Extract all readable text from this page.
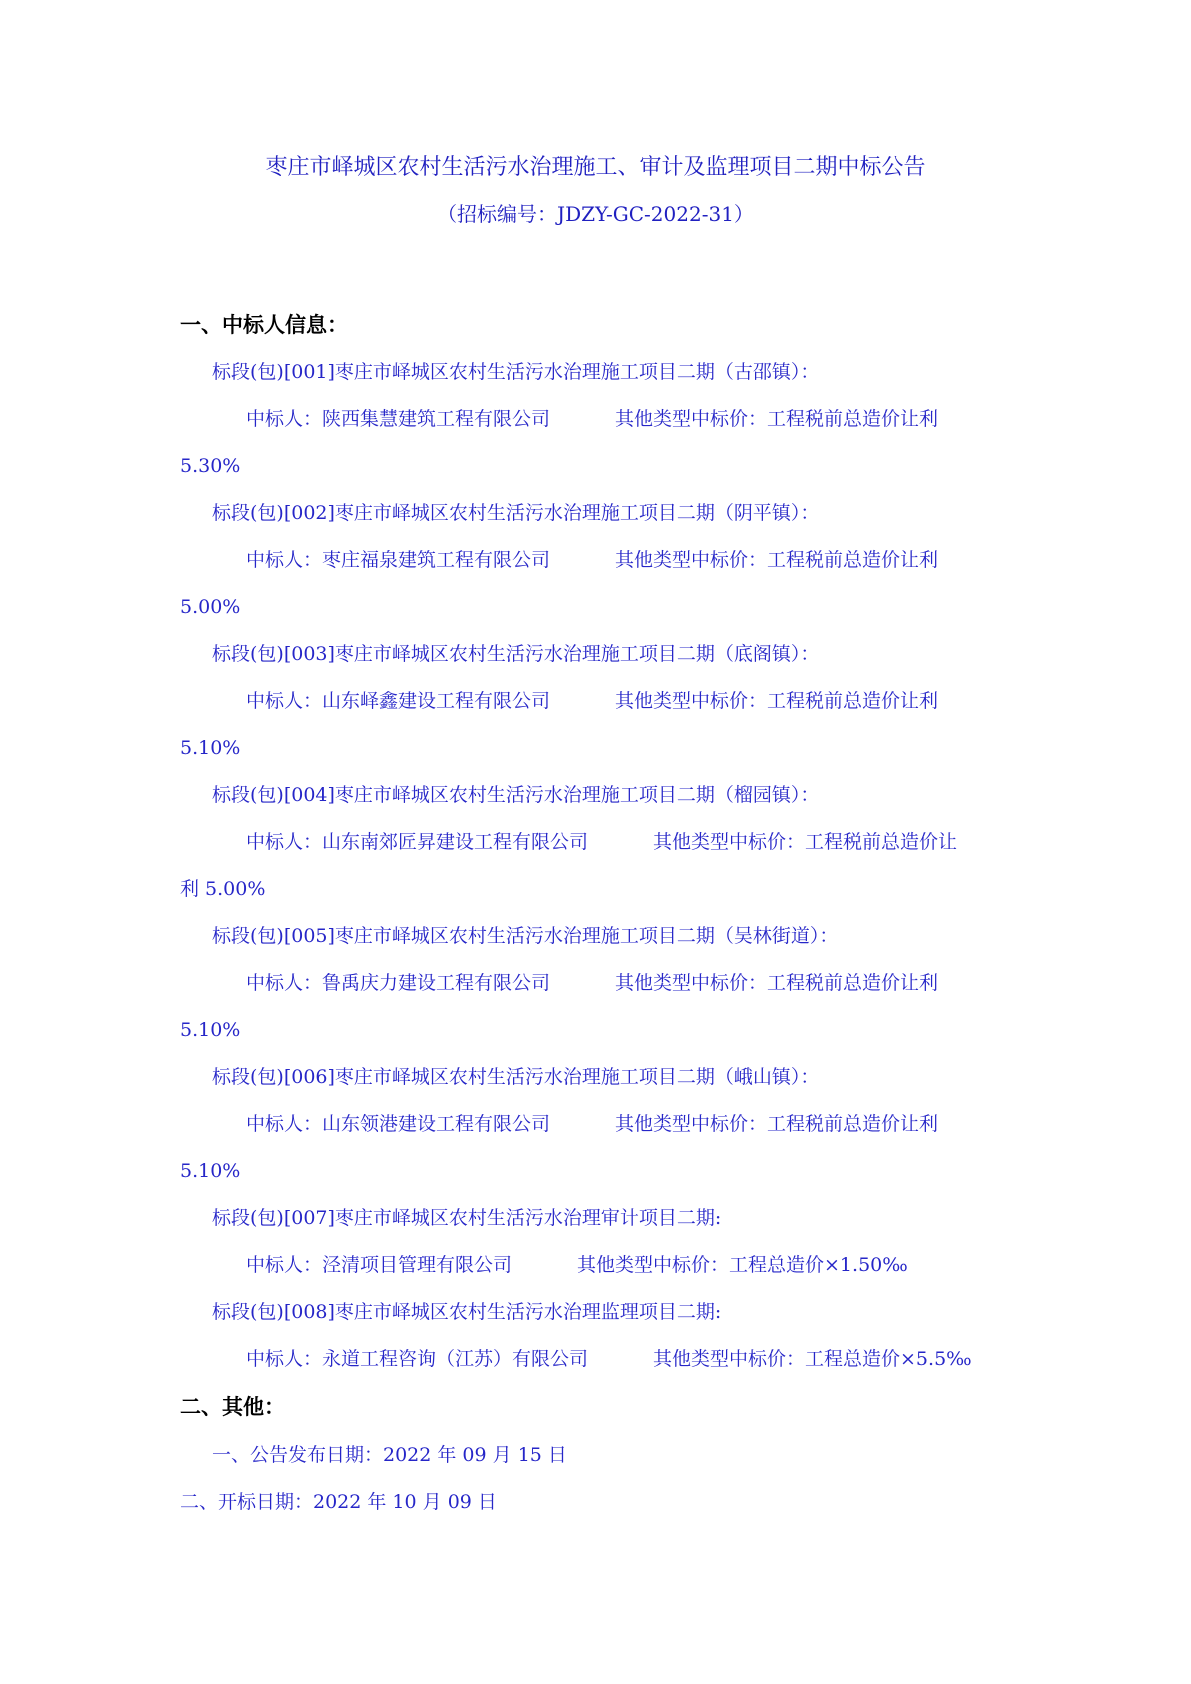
枣庄市峄城区农村生活污水治理施工、审计及监理项目二期中标公告
（招标编号：JDZY-GC-2022-31）
一、中标人信息：
标段(包)[001]枣庄市峄城区农村生活污水治理施工项目二期（古邵镇）：
中标人：陕西集慧建筑工程有限公司	其他类型中标价：工程税前总造价让利
5.30%
标段(包)[002]枣庄市峄城区农村生活污水治理施工项目二期（阴平镇）：
中标人：枣庄福泉建筑工程有限公司	其他类型中标价：工程税前总造价让利
5.00%
标段(包)[003]枣庄市峄城区农村生活污水治理施工项目二期（底阁镇）：
中标人：山东峄鑫建设工程有限公司	其他类型中标价：工程税前总造价让利
5.10%
标段(包)[004]枣庄市峄城区农村生活污水治理施工项目二期（榴园镇）：
中标人：山东南郊匠昇建设工程有限公司	其他类型中标价：工程税前总造价让
利 5.00%
标段(包)[005]枣庄市峄城区农村生活污水治理施工项目二期（吴林街道）：
中标人：鲁禹庆力建设工程有限公司	其他类型中标价：工程税前总造价让利
5.10%
标段(包)[006]枣庄市峄城区农村生活污水治理施工项目二期（峨山镇）：
中标人：山东领港建设工程有限公司	其他类型中标价：工程税前总造价让利
5.10%
标段(包)[007]枣庄市峄城区农村生活污水治理审计项目二期:
中标人：泾清项目管理有限公司	其他类型中标价：工程总造价×1.50‰
标段(包)[008]枣庄市峄城区农村生活污水治理监理项目二期:
中标人：永道工程咨询（江苏）有限公司	其他类型中标价：工程总造价×5.5‰
二、其他：
一、公告发布日期：2022 年 09 月 15 日
二、开标日期：2022 年 10 月 09 日
